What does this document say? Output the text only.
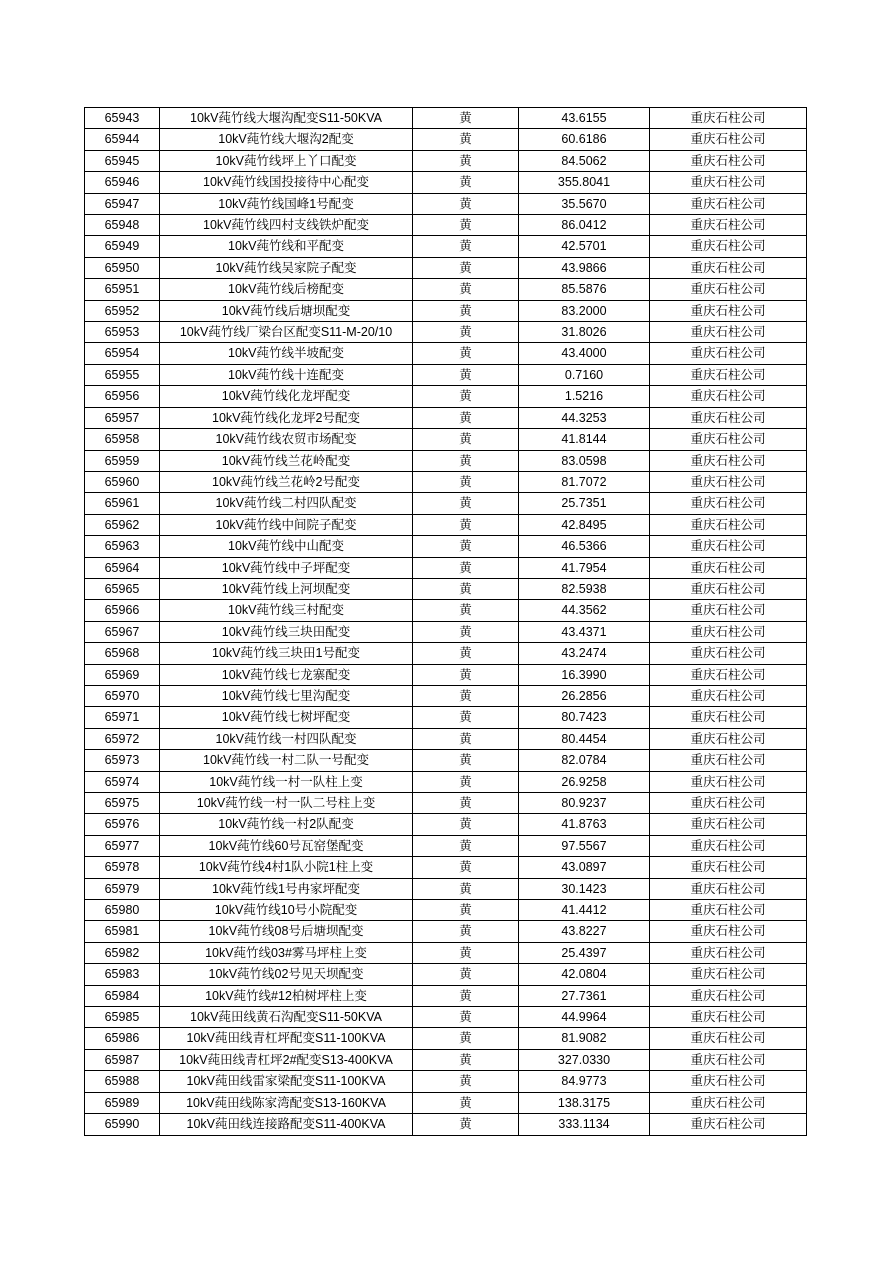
65943	10kV莼竹线大堰沟配变S11-50KVA	黄	43.6155	重庆石柱公司
65944	10kV莼竹线大堰沟2配变	黄	60.6186	重庆石柱公司
65945	10kV莼竹线坪上丫口配变	黄	84.5062	重庆石柱公司
65946	10kV莼竹线国投接待中心配变	黄	355.8041	重庆石柱公司
65947	10kV莼竹线国峰1号配变	黄	35.5670	重庆石柱公司
65948	10kV莼竹线四村支线铁炉配变	黄	86.0412	重庆石柱公司
65949	10kV莼竹线和平配变	黄	42.5701	重庆石柱公司
65950	10kV莼竹线吴家院子配变	黄	43.9866	重庆石柱公司
65951	10kV莼竹线后榜配变	黄	85.5876	重庆石柱公司
65952	10kV莼竹线后塘坝配变	黄	83.2000	重庆石柱公司
65953	10kV莼竹线厂梁台区配变S11-M-20/10	黄	31.8026	重庆石柱公司
65954	10kV莼竹线半坡配变	黄	43.4000	重庆石柱公司
65955	10kV莼竹线十连配变	黄	0.7160	重庆石柱公司
65956	10kV莼竹线化龙坪配变	黄	1.5216	重庆石柱公司
65957	10kV莼竹线化龙坪2号配变	黄	44.3253	重庆石柱公司
65958	10kV莼竹线农贸市场配变	黄	41.8144	重庆石柱公司
65959	10kV莼竹线兰花岭配变	黄	83.0598	重庆石柱公司
65960	10kV莼竹线兰花岭2号配变	黄	81.7072	重庆石柱公司
65961	10kV莼竹线二村四队配变	黄	25.7351	重庆石柱公司
65962	10kV莼竹线中间院子配变	黄	42.8495	重庆石柱公司
65963	10kV莼竹线中山配变	黄	46.5366	重庆石柱公司
65964	10kV莼竹线中子坪配变	黄	41.7954	重庆石柱公司
65965	10kV莼竹线上河坝配变	黄	82.5938	重庆石柱公司
65966	10kV莼竹线三村配变	黄	44.3562	重庆石柱公司
65967	10kV莼竹线三块田配变	黄	43.4371	重庆石柱公司
65968	10kV莼竹线三块田1号配变	黄	43.2474	重庆石柱公司
65969	10kV莼竹线七龙寨配变	黄	16.3990	重庆石柱公司
65970	10kV莼竹线七里沟配变	黄	26.2856	重庆石柱公司
65971	10kV莼竹线七树坪配变	黄	80.7423	重庆石柱公司
65972	10kV莼竹线一村四队配变	黄	80.4454	重庆石柱公司
65973	10kV莼竹线一村二队一号配变	黄	82.0784	重庆石柱公司
65974	10kV莼竹线一村一队柱上变	黄	26.9258	重庆石柱公司
65975	10kV莼竹线一村一队二号柱上变	黄	80.9237	重庆石柱公司
65976	10kV莼竹线一村2队配变	黄	41.8763	重庆石柱公司
65977	10kV莼竹线60号瓦窑堡配变	黄	97.5567	重庆石柱公司
65978	10kV莼竹线4村1队小院1柱上变	黄	43.0897	重庆石柱公司
65979	10kV莼竹线1号冉家坪配变	黄	30.1423	重庆石柱公司
65980	10kV莼竹线10号小院配变	黄	41.4412	重庆石柱公司
65981	10kV莼竹线08号后塘坝配变	黄	43.8227	重庆石柱公司
65982	10kV莼竹线03#雾马坪柱上变	黄	25.4397	重庆石柱公司
65983	10kV莼竹线02号见天坝配变	黄	42.0804	重庆石柱公司
65984	10kV莼竹线#12柏树坪柱上变	黄	27.7361	重庆石柱公司
65985	10kV莼田线黄石沟配变S11-50KVA	黄	44.9964	重庆石柱公司
65986	10kV莼田线青杠坪配变S11-100KVA	黄	81.9082	重庆石柱公司
65987	10kV莼田线青杠坪2#配变S13-400KVA	黄	327.0330	重庆石柱公司
65988	10kV莼田线雷家梁配变S11-100KVA	黄	84.9773	重庆石柱公司
65989	10kV莼田线陈家湾配变S13-160KVA	黄	138.3175	重庆石柱公司
65990	10kV莼田线连接路配变S11-400KVA	黄	333.1134	重庆石柱公司
